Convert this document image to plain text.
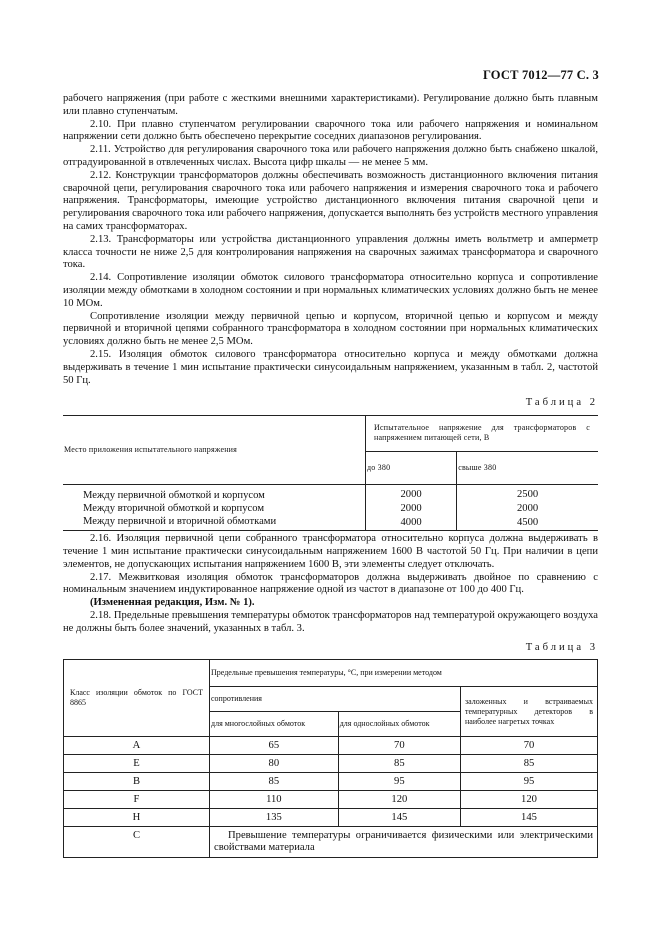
ГОСТ 7012—77 С. 3

рабочего напряжения (при работе с жесткими внешними характеристиками). Регулирование должно быть плавным или плавно ступенчатым.

2.10. При плавно ступенчатом регулировании сварочного тока или рабочего напряжения и номинальном напряжении сети должно быть обеспечено перекрытие соседних диапазонов регулирования.

2.11. Устройство для регулирования сварочного тока или рабочего напряжения должно быть снабжено шкалой, отградуированной в отвлеченных числах. Высота цифр шкалы — не менее 5 мм.

2.12. Конструкции трансформаторов должны обеспечивать возможность дистанционного включения питания сварочной цепи, регулирования сварочного тока или рабочего напряжения и измерения сварочного тока и рабочего напряжения. Трансформаторы, имеющие устройство дистанционного включения питания сварочной цепи и регулирования сварочного тока или рабочего напряжения, допускается выполнять без устройств местного управления на самих трансформаторах.

2.13. Трансформаторы или устройства дистанционного управления должны иметь вольтметр и амперметр класса точности не ниже 2,5 для контролирования напряжения на сварочных зажимах трансформатора и сварочного тока.

2.14. Сопротивление изоляции обмоток силового трансформатора относительно корпуса и сопротивление изоляции между обмотками в холодном состоянии и при нормальных климатических условиях должно быть не менее 10 МОм.

Сопротивление изоляции между первичной цепью и корпусом, вторичной цепью и корпусом и между первичной и вторичной цепями собранного трансформатора в холодном состоянии при нормальных климатических условиях должно быть не менее 2,5 МОм.

2.15. Изоляция обмоток силового трансформатора относительно корпуса и между обмотками должна выдерживать в течение 1 мин испытание практически синусоидальным напряжением, указанным в табл. 2, частотой 50 Гц.

Таблица 2
Место приложения испытательного напряжения	Испытательное напряжение для трансформаторов с напряжением питающей сети, В	
	до 380	свыше 380
Между первичной обмоткой и корпусом	2000	2500
Между вторичной обмоткой и корпусом	2000	2000
Между первичной и вторичной обмотками	4000	4500

2.16. Изоляция первичной цепи собранного трансформатора относительно корпуса должна выдерживать в течение 1 мин испытание практически синусоидальным напряжением 1600 В частотой 50 Гц. При наличии в цепи элементов, не допускающих испытания напряжением 1600 В, эти элементы следует отключать.

2.17. Межвитковая изоляция обмоток трансформаторов должна выдерживать двойное по сравнению с номинальным значением индуктированное напряжение одной из частот в диапазоне от 100 до 400 Гц.

(Измененная редакция, Изм. № 1).

2.18. Предельные превышения температуры обмоток трансформаторов над температурой окружающего воздуха не должны быть более значений, указанных в табл. 3.

Таблица 3
Класс изоляции обмоток по ГОСТ 8865	Предельные превышения температуры, °С, при измерении методом		
	сопротивления		заложенных и встраиваемых температурных детекторов в наиболее нагретых точках
	для многослойных обмоток	для однослойных обмоток	
A	65	70	70
E	80	85	85
B	85	95	95
F	110	120	120
H	135	145	145
С	Превышение температуры ограничивается физическими или электрическими свойствами материала		
